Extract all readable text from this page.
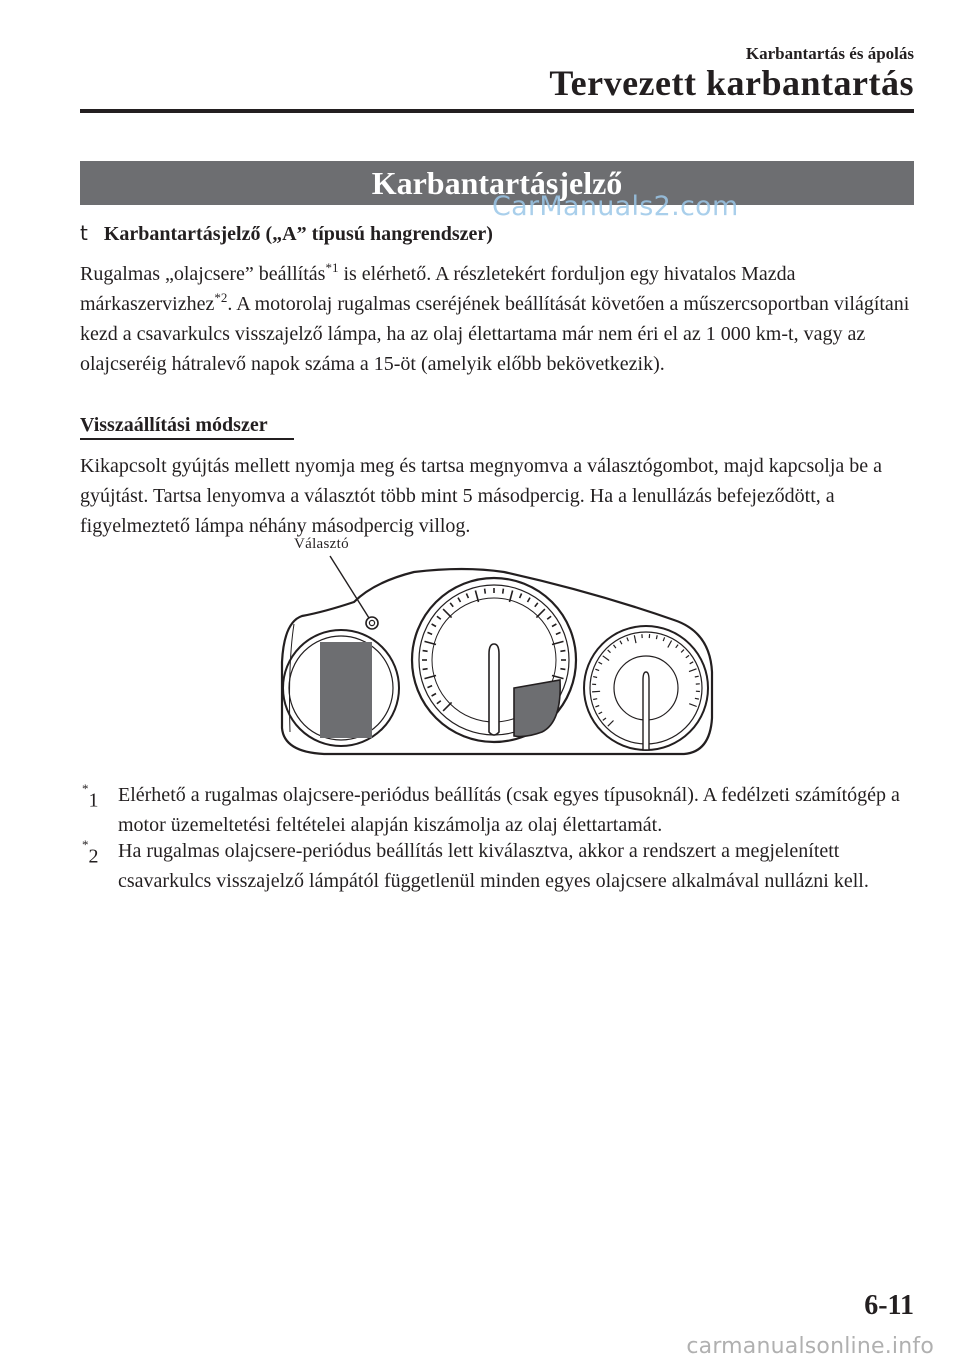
Karbantartás és ápolás
Tervezett karbantartás
Karbantartásjelző
CarManuals2.com
t Karbantartásjelző („A” típusú hangrendszer)

Rugalmas „olajcsere” beállítás$^{*1}$ is elérhető. A részletekért forduljon egy hivatalos Mazda márkaszervizhez$^{*2}$. A motorolaj rugalmas cseréjének beállítását követően a műszercsoportban világítani kezd a csavarkulcs visszajelző lámpa, ha az olaj élettartama már nem éri el az 1 000 km-t, vagy az olajcseréig hátralevő napok száma a 15-öt (amelyik előbb bekövetkezik).

Visszaállítási módszer

Kikapcsolt gyújtás mellett nyomja meg és tartsa megnyomva a választógombot, majd kapcsolja be a gyújtást. Tartsa lenyomva a választót több mint 5 másodpercig. Ha a lenullázás befejeződött, a figyelmeztető lámpa néhány másodpercig villog.

Választó
*1 Elérhető a rugalmas olajcsere-periódus beállítás (csak egyes típusoknál). A fedélzeti számítógép a motor üzemeltetési feltételei alapján kiszámolja az olaj élettartamát.
*2 Ha rugalmas olajcsere-periódus beállítás lett kiválasztva, akkor a rendszert a megjelenített csavarkulcs visszajelző lámpától függetlenül minden egyes olajcsere alkalmával nullázni kell.
6-11
carmanualsonline.info
